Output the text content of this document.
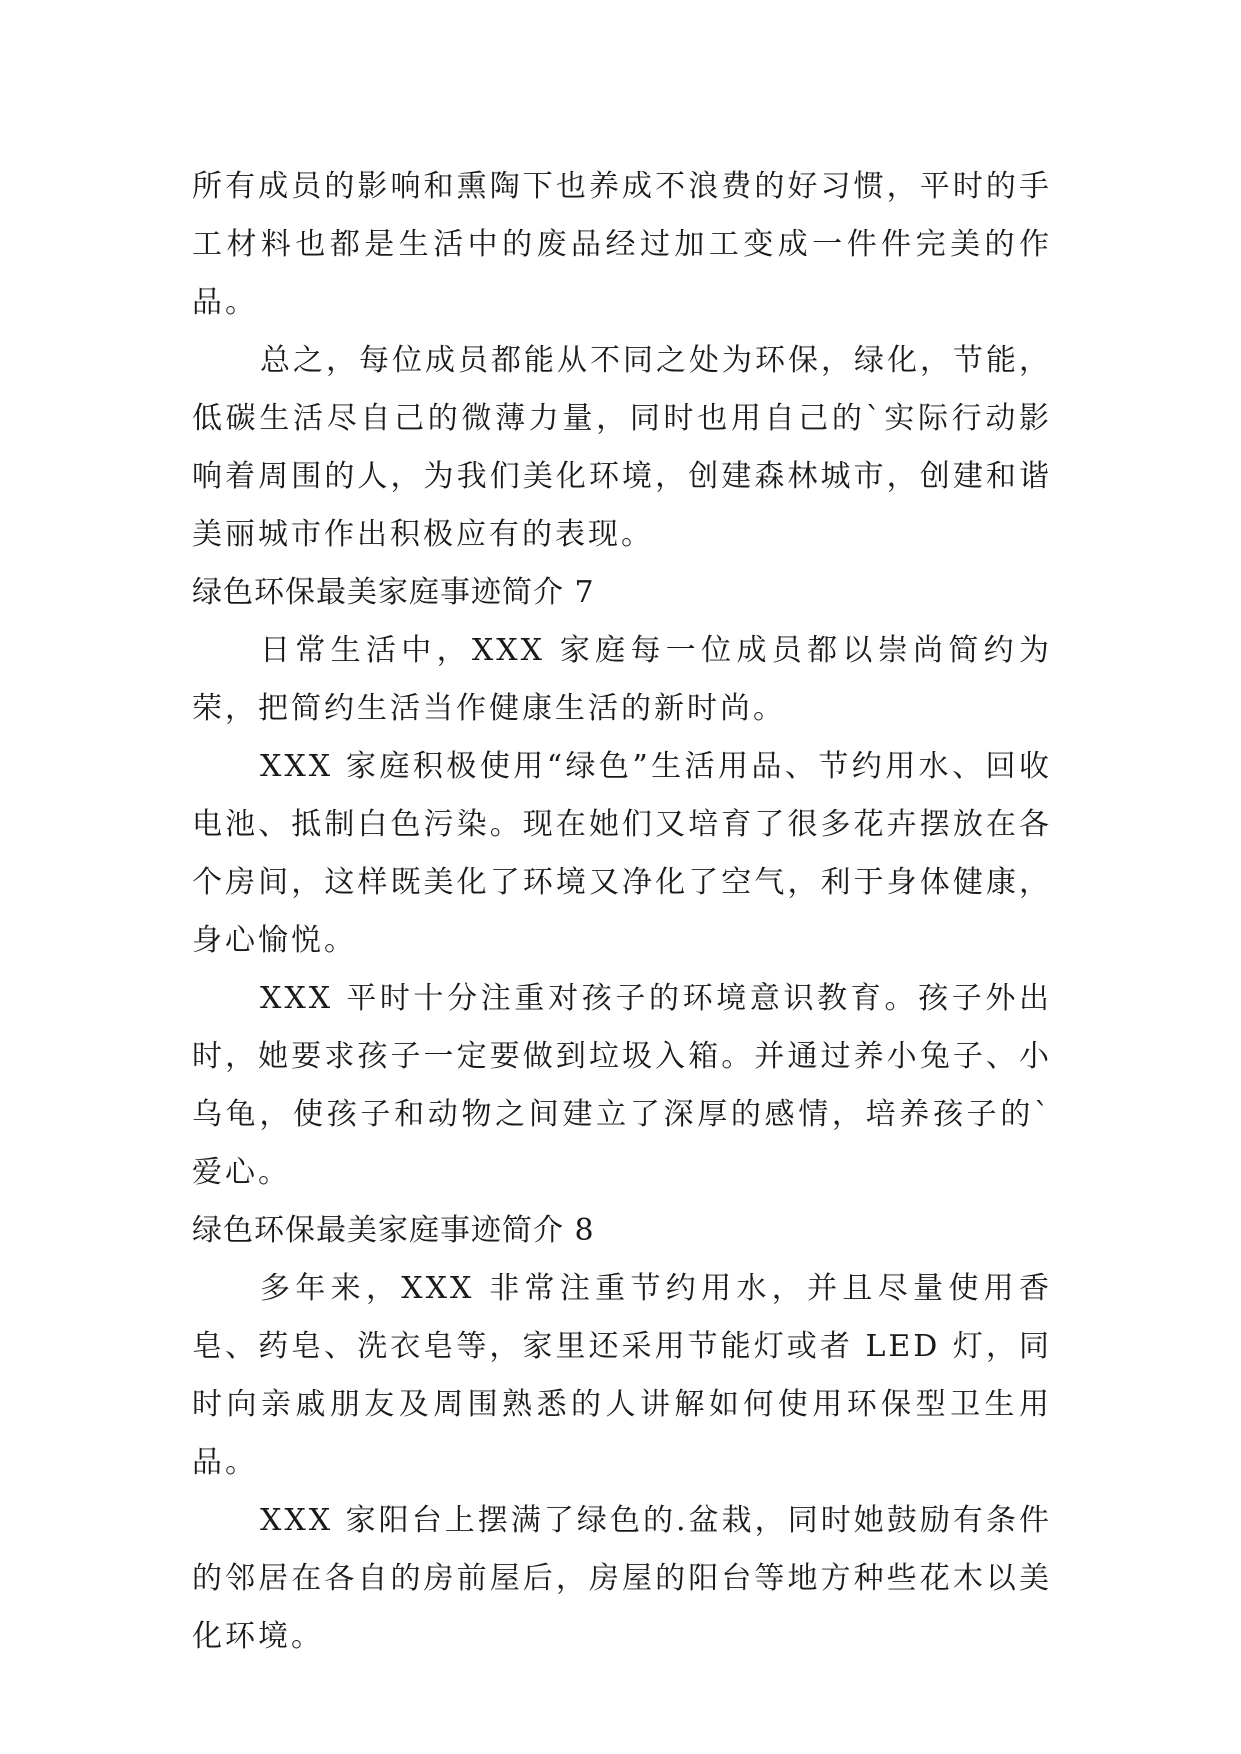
所有成员的影响和熏陶下也养成不浪费的好习惯，平时的手工材料也都是生活中的废品经过加工变成一件件完美的作品。

总之，每位成员都能从不同之处为环保，绿化，节能，低碳生活尽自己的微薄力量，同时也用自己的`实际行动影响着周围的人，为我们美化环境，创建森林城市，创建和谐美丽城市作出积极应有的表现。

绿色环保最美家庭事迹简介 7

日常生活中，XXX 家庭每一位成员都以崇尚简约为荣，把简约生活当作健康生活的新时尚。

XXX 家庭积极使用“绿色”生活用品、节约用水、回收电池、抵制白色污染。现在她们又培育了很多花卉摆放在各个房间，这样既美化了环境又净化了空气，利于身体健康，身心愉悦。

XXX 平时十分注重对孩子的环境意识教育。孩子外出时，她要求孩子一定要做到垃圾入箱。并通过养小兔子、小乌龟，使孩子和动物之间建立了深厚的感情，培养孩子的`爱心。

绿色环保最美家庭事迹简介 8

多年来，XXX 非常注重节约用水，并且尽量使用香皂、药皂、洗衣皂等，家里还采用节能灯或者 LED 灯，同时向亲戚朋友及周围熟悉的人讲解如何使用环保型卫生用品。

XXX 家阳台上摆满了绿色的.盆栽，同时她鼓励有条件的邻居在各自的房前屋后，房屋的阳台等地方种些花木以美化环境。
